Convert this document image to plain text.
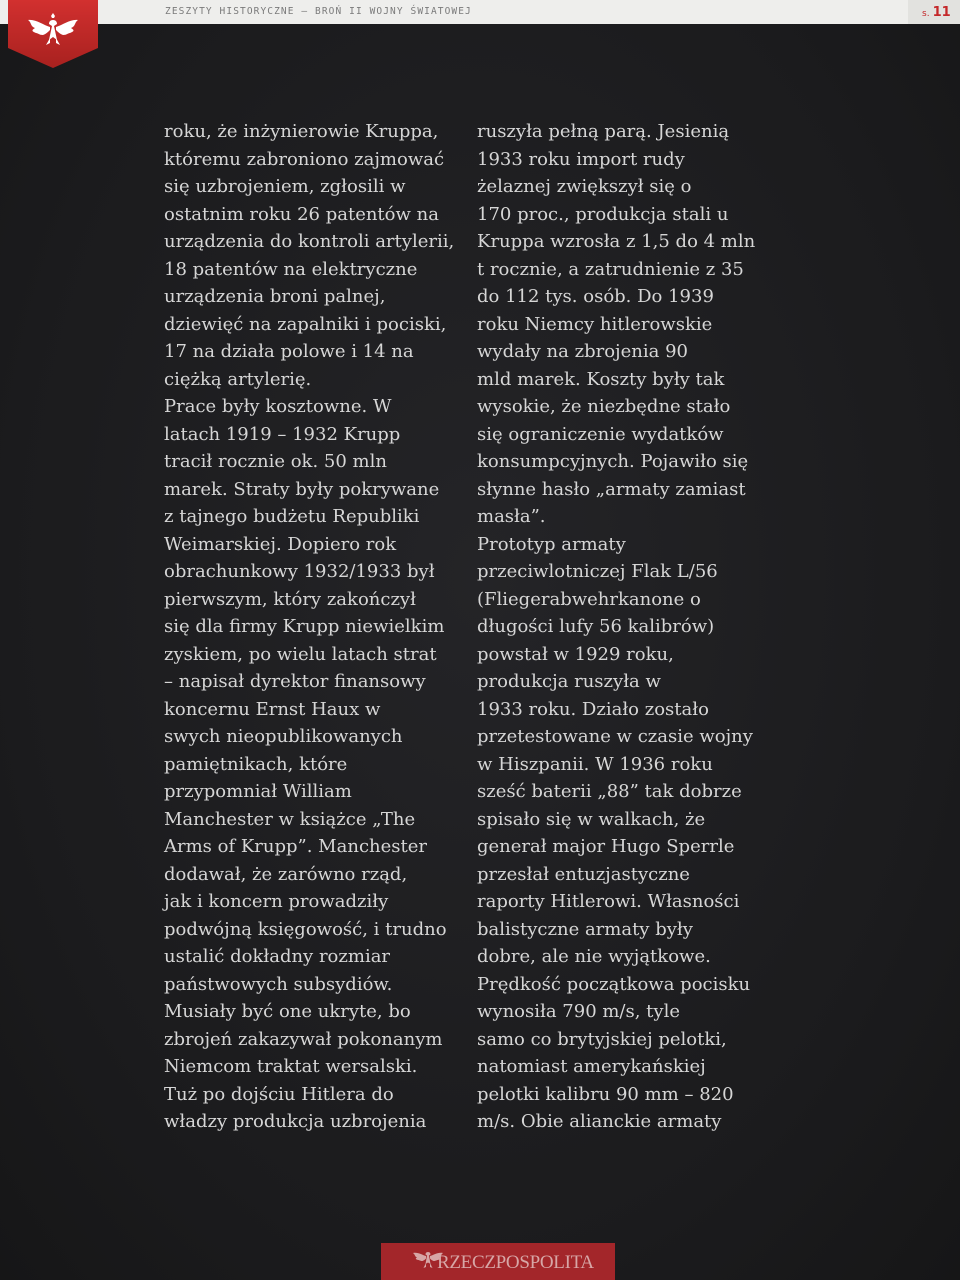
ZESZYTY HISTORYCZNE – BROŃ II WOJNY ŚWIATOWEJ	s. 11
roku, że inżynierowie Kruppa,
któremu zabroniono zajmować
się uzbrojeniem, zgłosili w
ostatnim roku 26 patentów na
urządzenia do kontroli artylerii,
18 patentów na elektryczne
urządzenia broni palnej,
dziewięć na zapalniki i pociski,
17 na działa polowe i 14 na
ciężką artylerię.
Prace były kosztowne. W
latach 1919 – 1932 Krupp
tracił rocznie ok. 50 mln
marek. Straty były pokrywane
z tajnego budżetu Republiki
Weimarskiej. Dopiero rok
obrachunkowy 1932/1933 był
pierwszym, który zakończył
się dla firmy Krupp niewielkim
zyskiem, po wielu latach strat
– napisał dyrektor finansowy
koncernu Ernst Haux w
swych nieopublikowanych
pamiętnikach, które
przypomniał William
Manchester w książce „The
Arms of Krupp”. Manchester
dodawał, że zarówno rząd,
jak i koncern prowadziły
podwójną księgowość, i trudno
ustalić dokładny rozmiar
państwowych subsydiów.
Musiały być one ukryte, bo
zbrojeń zakazywał pokonanym
Niemcom traktat wersalski.
Tuż po dojściu Hitlera do
władzy produkcja uzbrojenia
ruszyła pełną parą. Jesienią
1933 roku import rudy
żelaznej zwiększył się o
170 proc., produkcja stali u
Kruppa wzrosła z 1,5 do 4 mln
t rocznie, a zatrudnienie z 35
do 112 tys. osób. Do 1939
roku Niemcy hitlerowskie
wydały na zbrojenia 90
mld marek. Koszty były tak
wysokie, że niezbędne stało
się ograniczenie wydatków
konsumpcyjnych. Pojawiło się
słynne hasło „armaty zamiast
masła”.
Prototyp armaty
przeciwlotniczej Flak L/56
(Fliegerabwehrkanone o
długości lufy 56 kalibrów)
powstał w 1929 roku,
produkcja ruszyła w
1933 roku. Działo zostało
przetestowane w czasie wojny
w Hiszpanii. W 1936 roku
sześć baterii „88” tak dobrze
spisało się w walkach, że
generał major Hugo Sperrle
przesłał entuzjastyczne
raporty Hitlerowi. Własności
balistyczne armaty były
dobre, ale nie wyjątkowe.
Prędkość początkowa pocisku
wynosiła 790 m/s, tyle
samo co brytyjskiej pelotki,
natomiast amerykańskiej
pelotki kalibru 90 mm – 820
m/s. Obie alianckie armaty
RZECZPOSPOLITA
